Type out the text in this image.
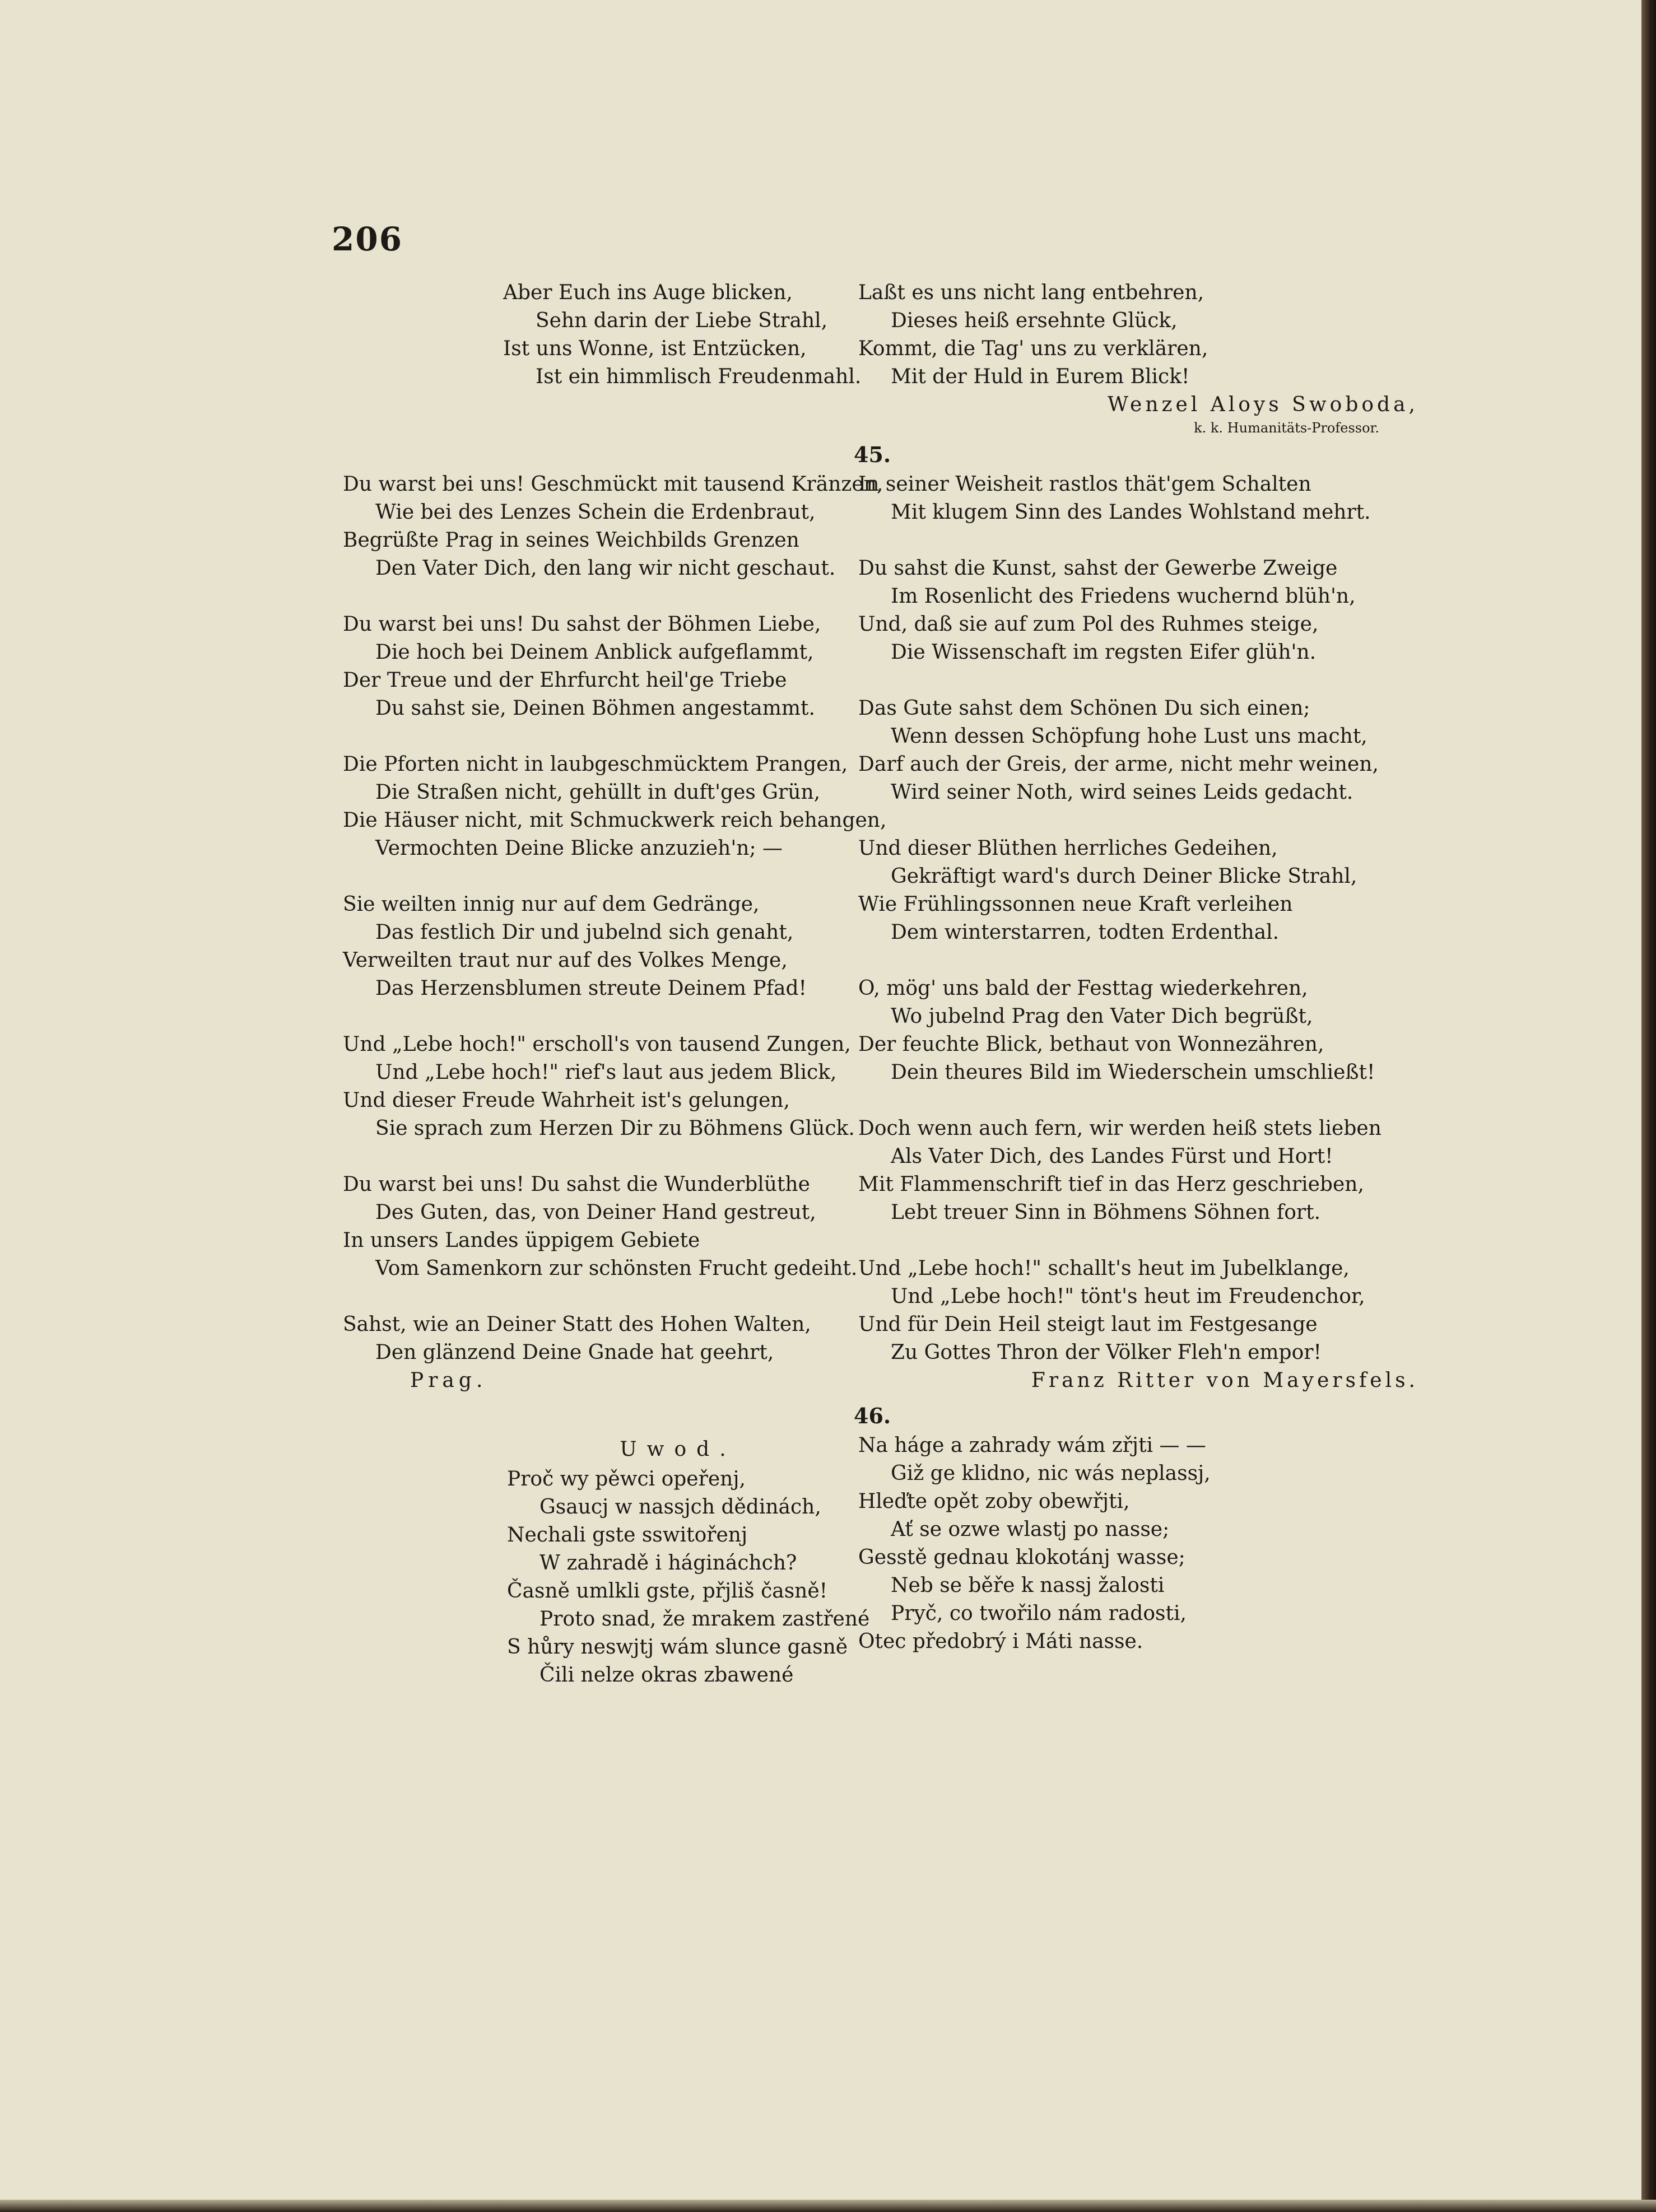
206
Aber Euch ins Auge blicken,
Sehn darin der Liebe Strahl,
Ist uns Wonne, ist Entzücken,
Ist ein himmlisch Freudenmahl.
Du warst bei uns! Geschmückt mit tausend Kränzen,
Wie bei des Lenzes Schein die Erdenbraut,
Begrüßte Prag in seines Weichbilds Grenzen
Den Vater Dich, den lang wir nicht geschaut.
Du warst bei uns! Du sahst der Böhmen Liebe,
Die hoch bei Deinem Anblick aufgeflammt,
Der Treue und der Ehrfurcht heil'ge Triebe
Du sahst sie, Deinen Böhmen angestammt.
Die Pforten nicht in laubgeschmücktem Prangen,
Die Straßen nicht, gehüllt in duft'ges Grün,
Die Häuser nicht, mit Schmuckwerk reich behangen,
Vermochten Deine Blicke anzuzieh'n; —
Sie weilten innig nur auf dem Gedränge,
Das festlich Dir und jubelnd sich genaht,
Verweilten traut nur auf des Volkes Menge,
Das Herzensblumen streute Deinem Pfad!
Und „Lebe hoch!" erscholl's von tausend Zungen,
Und „Lebe hoch!" rief's laut aus jedem Blick,
Und dieser Freude Wahrheit ist's gelungen,
Sie sprach zum Herzen Dir zu Böhmens Glück.
Du warst bei uns! Du sahst die Wunderblüthe
Des Guten, das, von Deiner Hand gestreut,
In unsers Landes üppigem Gebiete
Vom Samenkorn zur schönsten Frucht gedeiht.
Sahst, wie an Deiner Statt des Hohen Walten,
Den glänzend Deine Gnade hat geehrt,
Prag.
Uwod.
Proč wy pěwci opeřenj,
Gsaucj w nassjch dědinách,
Nechali gste sswitořenj
W zahradě i hágináchch?
Časně umlkli gste, přjliš časně!
Proto snad, že mrakem zastřené
S hůry neswjtj wám slunce gasně
Čili nelze okras zbawené
Laßt es uns nicht lang entbehren,
Dieses heiß ersehnte Glück,
Kommt, die Tag' uns zu verklären,
Mit der Huld in Eurem Blick!
Wenzel Aloys Swoboda,
k. k. Humanitäts-Professor.
45.
In seiner Weisheit rastlos thät'gem Schalten
Mit klugem Sinn des Landes Wohlstand mehrt.
Du sahst die Kunst, sahst der Gewerbe Zweige
Im Rosenlicht des Friedens wuchernd blüh'n,
Und, daß sie auf zum Pol des Ruhmes steige,
Die Wissenschaft im regsten Eifer glüh'n.
Das Gute sahst dem Schönen Du sich einen;
Wenn dessen Schöpfung hohe Lust uns macht,
Darf auch der Greis, der arme, nicht mehr weinen,
Wird seiner Noth, wird seines Leids gedacht.
Und dieser Blüthen herrliches Gedeihen,
Gekräftigt ward's durch Deiner Blicke Strahl,
Wie Frühlingssonnen neue Kraft verleihen
Dem winterstarren, todten Erdenthal.
O, mög' uns bald der Festtag wiederkehren,
Wo jubelnd Prag den Vater Dich begrüßt,
Der feuchte Blick, bethaut von Wonnezähren,
Dein theures Bild im Wiederschein umschließt!
Doch wenn auch fern, wir werden heiß stets lieben
Als Vater Dich, des Landes Fürst und Hort!
Mit Flammenschrift tief in das Herz geschrieben,
Lebt treuer Sinn in Böhmens Söhnen fort.
Und „Lebe hoch!" schallt's heut im Jubelklange,
Und „Lebe hoch!" tönt's heut im Freudenchor,
Und für Dein Heil steigt laut im Festgesange
Zu Gottes Thron der Völker Fleh'n empor!
Franz Ritter von Mayersfels.
46.
Na háge a zahrady wám zřjti — —
Giž ge klidno, nic wás neplassj,
Hleďte opět zoby obewřjti,
Ať se ozwe wlastj po nasse;
Gesstě gednau klokotánj wasse;
Neb se běře k nassj žalosti
Pryč, co twořilo nám radosti,
Otec předobrý i Máti nasse.
